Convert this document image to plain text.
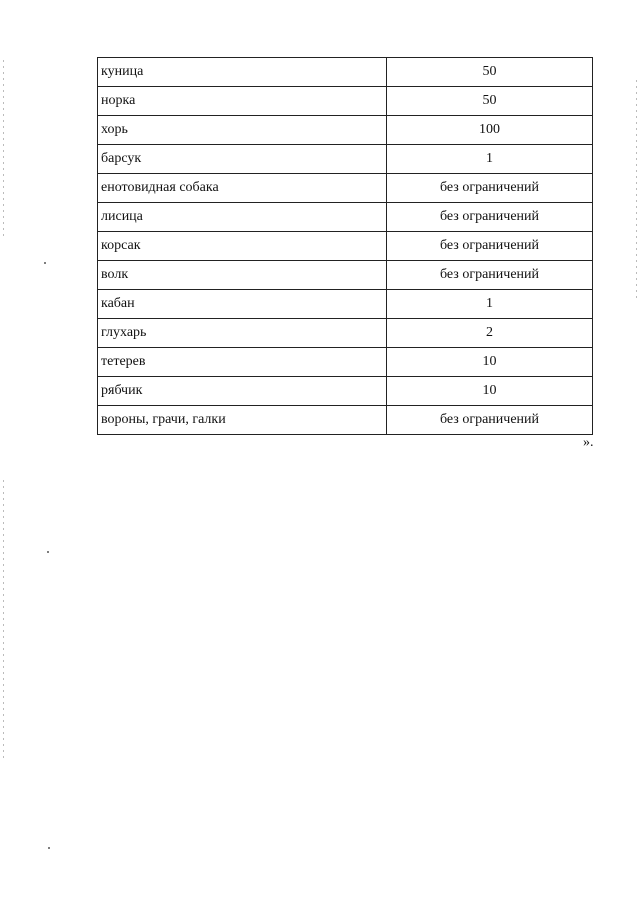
куница	50
норка	50
хорь	100
барсук	1
енотовидная собака	без ограничений
лисица	без ограничений
корсак	без ограничений
волк	без ограничений
кабан	1
глухарь	2
тетерев	10
рябчик	10
вороны, грачи, галки	без ограничений
».
